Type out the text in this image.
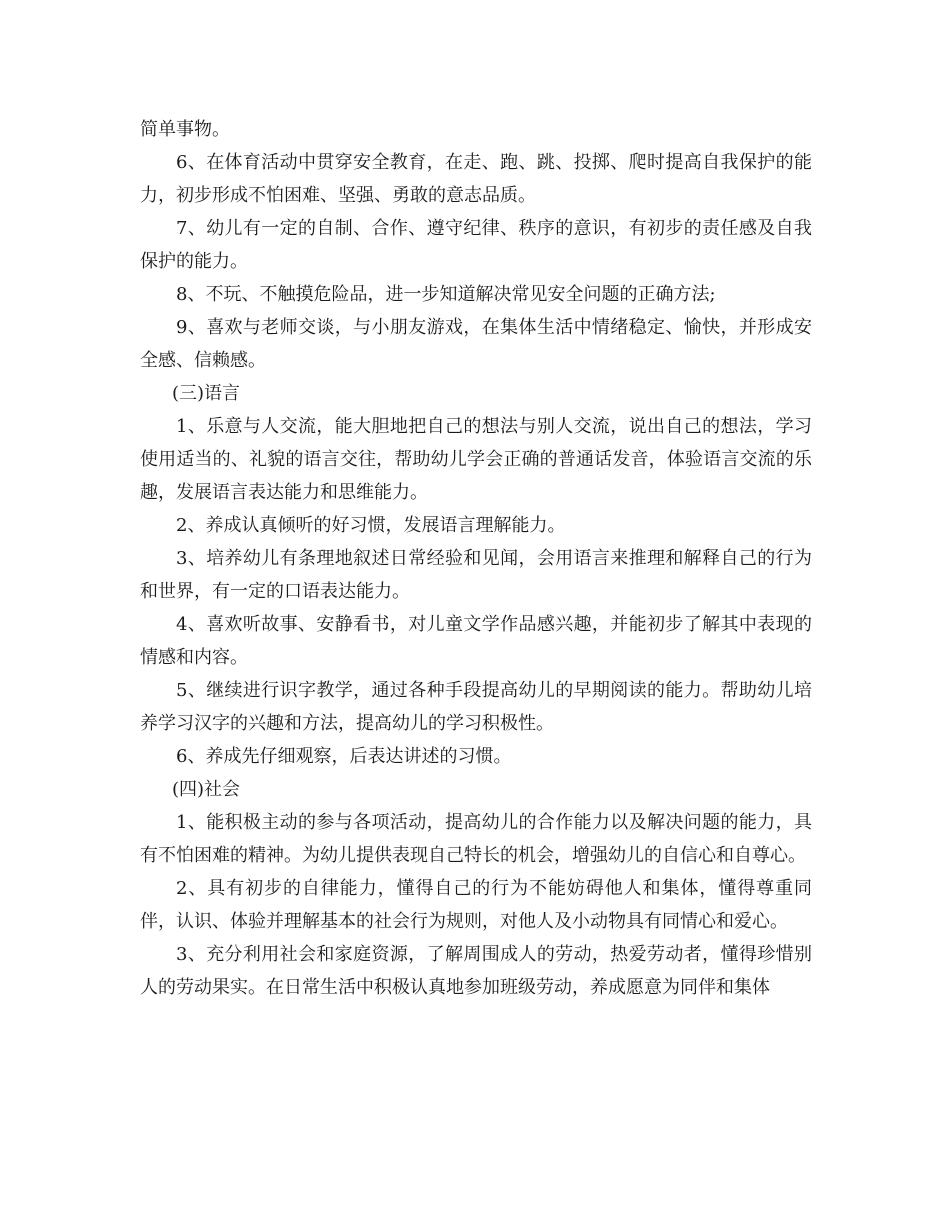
简单事物。

6、在体育活动中贯穿安全教育，在走、跑、跳、投掷、爬时提高自我保护的能力，初步形成不怕困难、坚强、勇敢的意志品质。

7、幼儿有一定的自制、合作、遵守纪律、秩序的意识，有初步的责任感及自我保护的能力。

8、不玩、不触摸危险品，进一步知道解决常见安全问题的正确方法;

9、喜欢与老师交谈，与小朋友游戏，在集体生活中情绪稳定、愉快，并形成安全感、信赖感。

(三)语言

1、乐意与人交流，能大胆地把自己的想法与别人交流，说出自己的想法，学习使用适当的、礼貌的语言交往，帮助幼儿学会正确的普通话发音，体验语言交流的乐趣，发展语言表达能力和思维能力。

2、养成认真倾听的好习惯，发展语言理解能力。

3、培养幼儿有条理地叙述日常经验和见闻，会用语言来推理和解释自己的行为和世界，有一定的口语表达能力。

4、喜欢听故事、安静看书，对儿童文学作品感兴趣，并能初步了解其中表现的情感和内容。

5、继续进行识字教学，通过各种手段提高幼儿的早期阅读的能力。帮助幼儿培养学习汉字的兴趣和方法，提高幼儿的学习积极性。

6、养成先仔细观察，后表达讲述的习惯。

(四)社会

1、能积极主动的参与各项活动，提高幼儿的合作能力以及解决问题的能力，具有不怕困难的精神。为幼儿提供表现自己特长的机会，增强幼儿的自信心和自尊心。

2、具有初步的自律能力，懂得自己的行为不能妨碍他人和集体，懂得尊重同伴，认识、体验并理解基本的社会行为规则，对他人及小动物具有同情心和爱心。

3、充分利用社会和家庭资源，了解周围成人的劳动，热爱劳动者，懂得珍惜别人的劳动果实。在日常生活中积极认真地参加班级劳动，养成愿意为同伴和集体
